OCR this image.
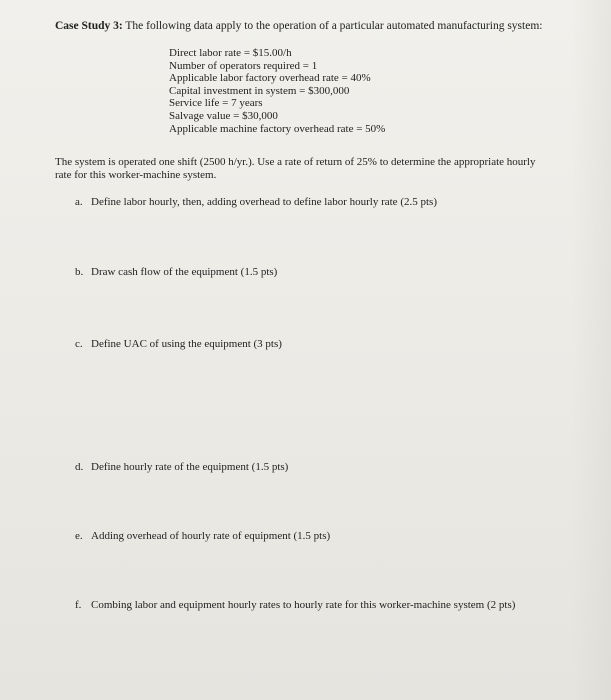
Case Study 3: The following data apply to the operation of a particular automated manufacturing system:
Direct labor rate = $15.00/h
Number of operators required = 1
Applicable labor factory overhead rate = 40%
Capital investment in system = $300,000
Service life = 7 years
Salvage value = $30,000
Applicable machine factory overhead rate = 50%
The system is operated one shift (2500 h/yr.). Use a rate of return of 25% to determine the appropriate hourly
rate for this worker-machine system.
a. Define labor hourly, then, adding overhead to define labor hourly rate (2.5 pts)
b. Draw cash flow of the equipment (1.5 pts)
c. Define UAC of using the equipment (3 pts)
d. Define hourly rate of the equipment (1.5 pts)
e. Adding overhead of hourly rate of equipment (1.5 pts)
f. Combing labor and equipment hourly rates to hourly rate for this worker-machine system (2 pts)
